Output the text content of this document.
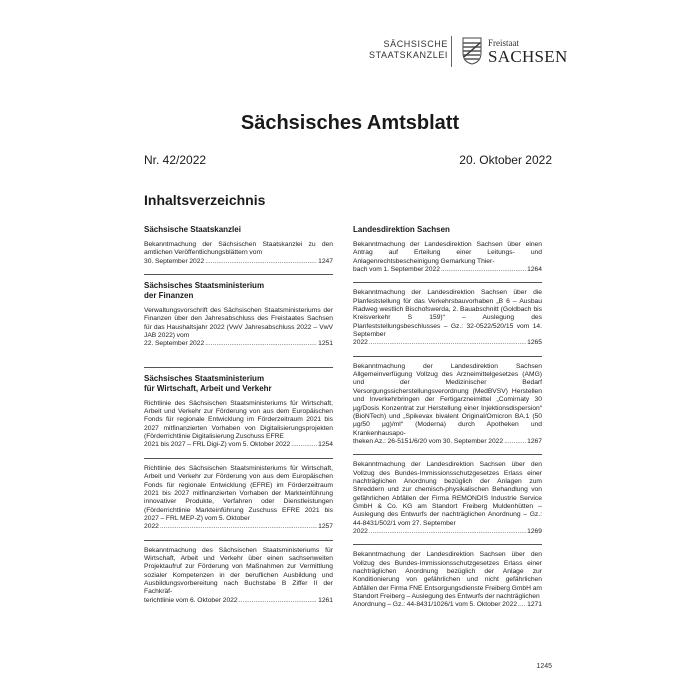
SÄCHSISCHE
STAATSKANZLEI
Freistaat
SACHSEN
Sächsisches Amtsblatt
Nr. 42/2022	20. Oktober 2022
Inhaltsverzeichnis
Sächsische Staatskanzlei
Bekanntmachung der Sächsischen Staatskanzlei zu den amtlichen Veröffentlichungsblättern vom
30. September 2022 .....	1247
Sächsisches Staatsministerium
der Finanzen
Verwaltungsvorschrift des Sächsischen Staatsministeriums der Finanzen über den Jahresabschluss des Freistaates Sachsen für das Haushaltsjahr 2022 (VwV Jahresabschluss 2022 – VwV JAB 2022) vom
22. September 2022 .....	1251
Sächsisches Staatsministerium
für Wirtschaft, Arbeit und Verkehr
Richtlinie des Sächsischen Staatsministeriums für Wirtschaft, Arbeit und Verkehr zur Förderung von aus dem Europäischen Fonds für regionale Entwicklung im Förderzeitraum 2021 bis 2027 mitfinanzierten Vorhaben von Digitalisierungsprojekten (Förderrichtlinie Digitalisierung Zuschuss EFRE
2021 bis 2027 – FRL Digi-Z) vom 5. Oktober 2022 .....	1254
Richtlinie des Sächsischen Staatsministeriums für Wirtschaft, Arbeit und Verkehr zur Förderung von aus dem Europäischen Fonds für regionale Entwicklung (EFRE) im Förderzeitraum 2021 bis 2027 mitfinanzierten Vorhaben der Markteinführung innovativer Produkte, Verfahren oder Dienstleistungen (Förderrichtlinie Markteinführung Zuschuss EFRE 2021 bis 2027 – FRL MEP-Z) vom 5. Oktober
2022 .....	1257
Bekanntmachung des Sächsischen Staatsministeriums für Wirtschaft, Arbeit und Verkehr über einen sachsenweiten Projektaufruf zur Förderung von Maßnahmen zur Vermittlung sozialer Kompetenzen in der beruflichen Ausbildung und Ausbildungsvorbereitung nach Buchstabe B Ziffer II der Fachkräf-
terichtlinie vom 6. Oktober 2022 .....	1261
Landesdirektion Sachsen
Bekanntmachung der Landesdirektion Sachsen über einen Antrag auf Erteilung einer Leitungs- und Anlagenrechtsbescheinigung Gemarkung Thier-
bach vom 1. September 2022 .....	1264
Bekanntmachung der Landesdirektion Sachsen über die Planfeststellung für das Verkehrsbauvorhaben „B 6 – Ausbau Radweg westlich Bischofswerda, 2. Bauabschnitt (Goldbach bis Kreisverkehr S 159)“ – Auslegung des Planfeststellungsbeschlusses – Gz.: 32-0522/520/15 vom 14. September
2022 .....	1265
Bekanntmachung der Landesdirektion Sachsen Allgemeinverfügung Vollzug des Arzneimittelgesetzes (AMG) und der Medizinischer Bedarf Versorgungssicherstellungsverordnung (MedBVSV) Herstellen und Inverkehrbringen der Fertigarzneimittel „Comirnaty 30 µg/Dosis Konzentrat zur Herstellung einer Injektionsdispersion“ (BioNTech) und „Spikevax bivalent Original/Omicron BA.1 (50 µg/50 µg)/ml“ (Moderna) durch Apotheken und Krankenhausapo-
theken Az.: 26-5151/6/20 vom 30. September 2022 .....	1267
Bekanntmachung der Landesdirektion Sachsen über den Vollzug des Bundes-Immissionsschutzgesetzes Erlass einer nachträglichen Anordnung bezüglich der Anlagen zum Shreddern und zur chemisch-physikalischen Behandlung von gefährlichen Abfällen der Firma REMONDIS Industrie Service GmbH & Co. KG am Standort Freiberg Muldenhütten – Auslegung des Entwurfs der nachträglichen Anordnung – Gz.: 44-8431/502/1 vom 27. September
2022 .....	1269
Bekanntmachung der Landesdirektion Sachsen über den Vollzug des Bundes-Immissionsschutzgesetzes Erlass einer nachträglichen Anordnung bezüglich der Anlage zur Konditionierung von gefährlichen und nicht gefährlichen Abfällen der Firma FNE Entsorgungsdienste Freiberg GmbH am Standort Freiberg – Auslegung des Entwurfs der nachträglichen
Anordnung – Gz.: 44-8431/1026/1 vom 5. Oktober 2022 ..... 1271
1245
